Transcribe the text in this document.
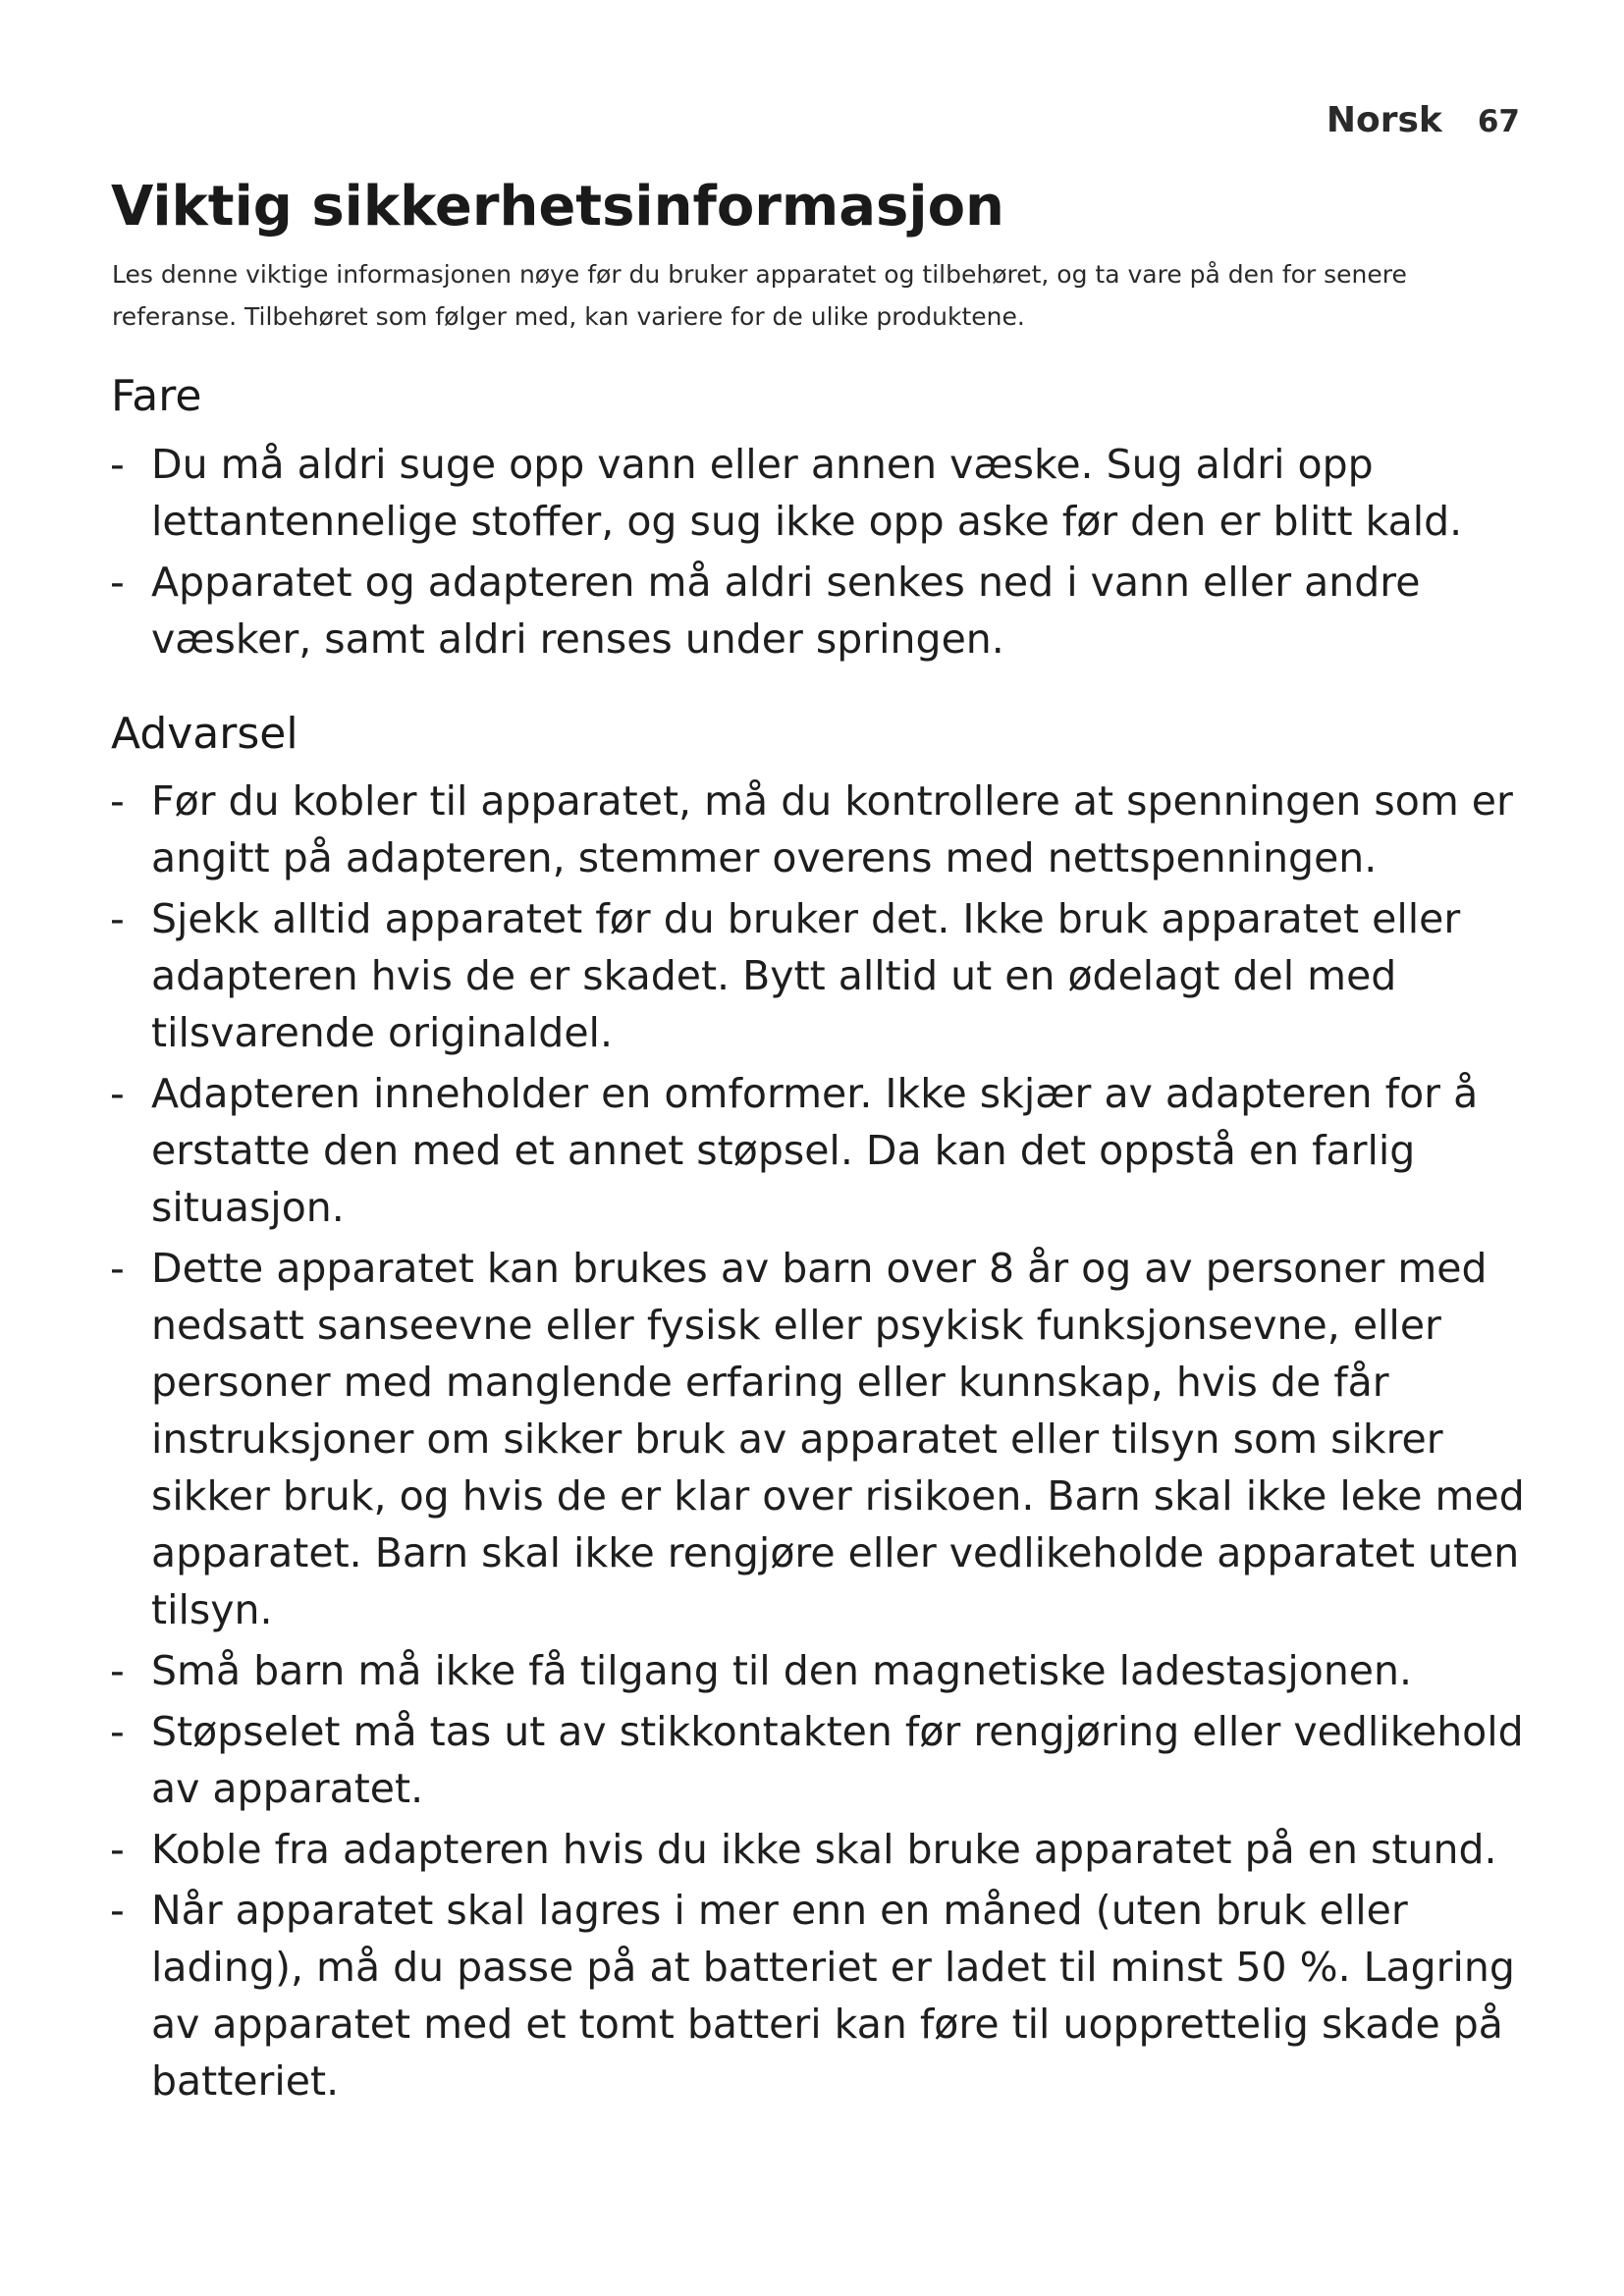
Norsk 67
Viktig sikkerhetsinformasjon

Les denne viktige informasjonen nøye før du bruker apparatet og tilbehøret, og ta vare på den for senere referanse. Tilbehøret som følger med, kan variere for de ulike produktene.

Fare
- Du må aldri suge opp vann eller annen væske. Sug aldri opp lettantennelige stoffer, og sug ikke opp aske før den er blitt kald.
- Apparatet og adapteren må aldri senkes ned i vann eller andre væsker, samt aldri renses under springen.
Advarsel
- Før du kobler til apparatet, må du kontrollere at spenningen som er angitt på adapteren, stemmer overens med nettspenningen.
- Sjekk alltid apparatet før du bruker det. Ikke bruk apparatet eller adapteren hvis de er skadet. Bytt alltid ut en ødelagt del med tilsvarende originaldel.
- Adapteren inneholder en omformer. Ikke skjær av adapteren for å erstatte den med et annet støpsel. Da kan det oppstå en farlig situasjon.
- Dette apparatet kan brukes av barn over 8 år og av personer med nedsatt sanseevne eller fysisk eller psykisk funksjonsevne, eller personer med manglende erfaring eller kunnskap, hvis de får instruksjoner om sikker bruk av apparatet eller tilsyn som sikrer sikker bruk, og hvis de er klar over risikoen. Barn skal ikke leke med apparatet. Barn skal ikke rengjøre eller vedlikeholde apparatet uten tilsyn.
- Små barn må ikke få tilgang til den magnetiske ladestasjonen.
- Støpselet må tas ut av stikkontakten før rengjøring eller vedlikehold av apparatet.
- Koble fra adapteren hvis du ikke skal bruke apparatet på en stund.
- Når apparatet skal lagres i mer enn en måned (uten bruk eller lading), må du passe på at batteriet er ladet til minst 50 %. Lagring av apparatet med et tomt batteri kan føre til uopprettelig skade på batteriet.
